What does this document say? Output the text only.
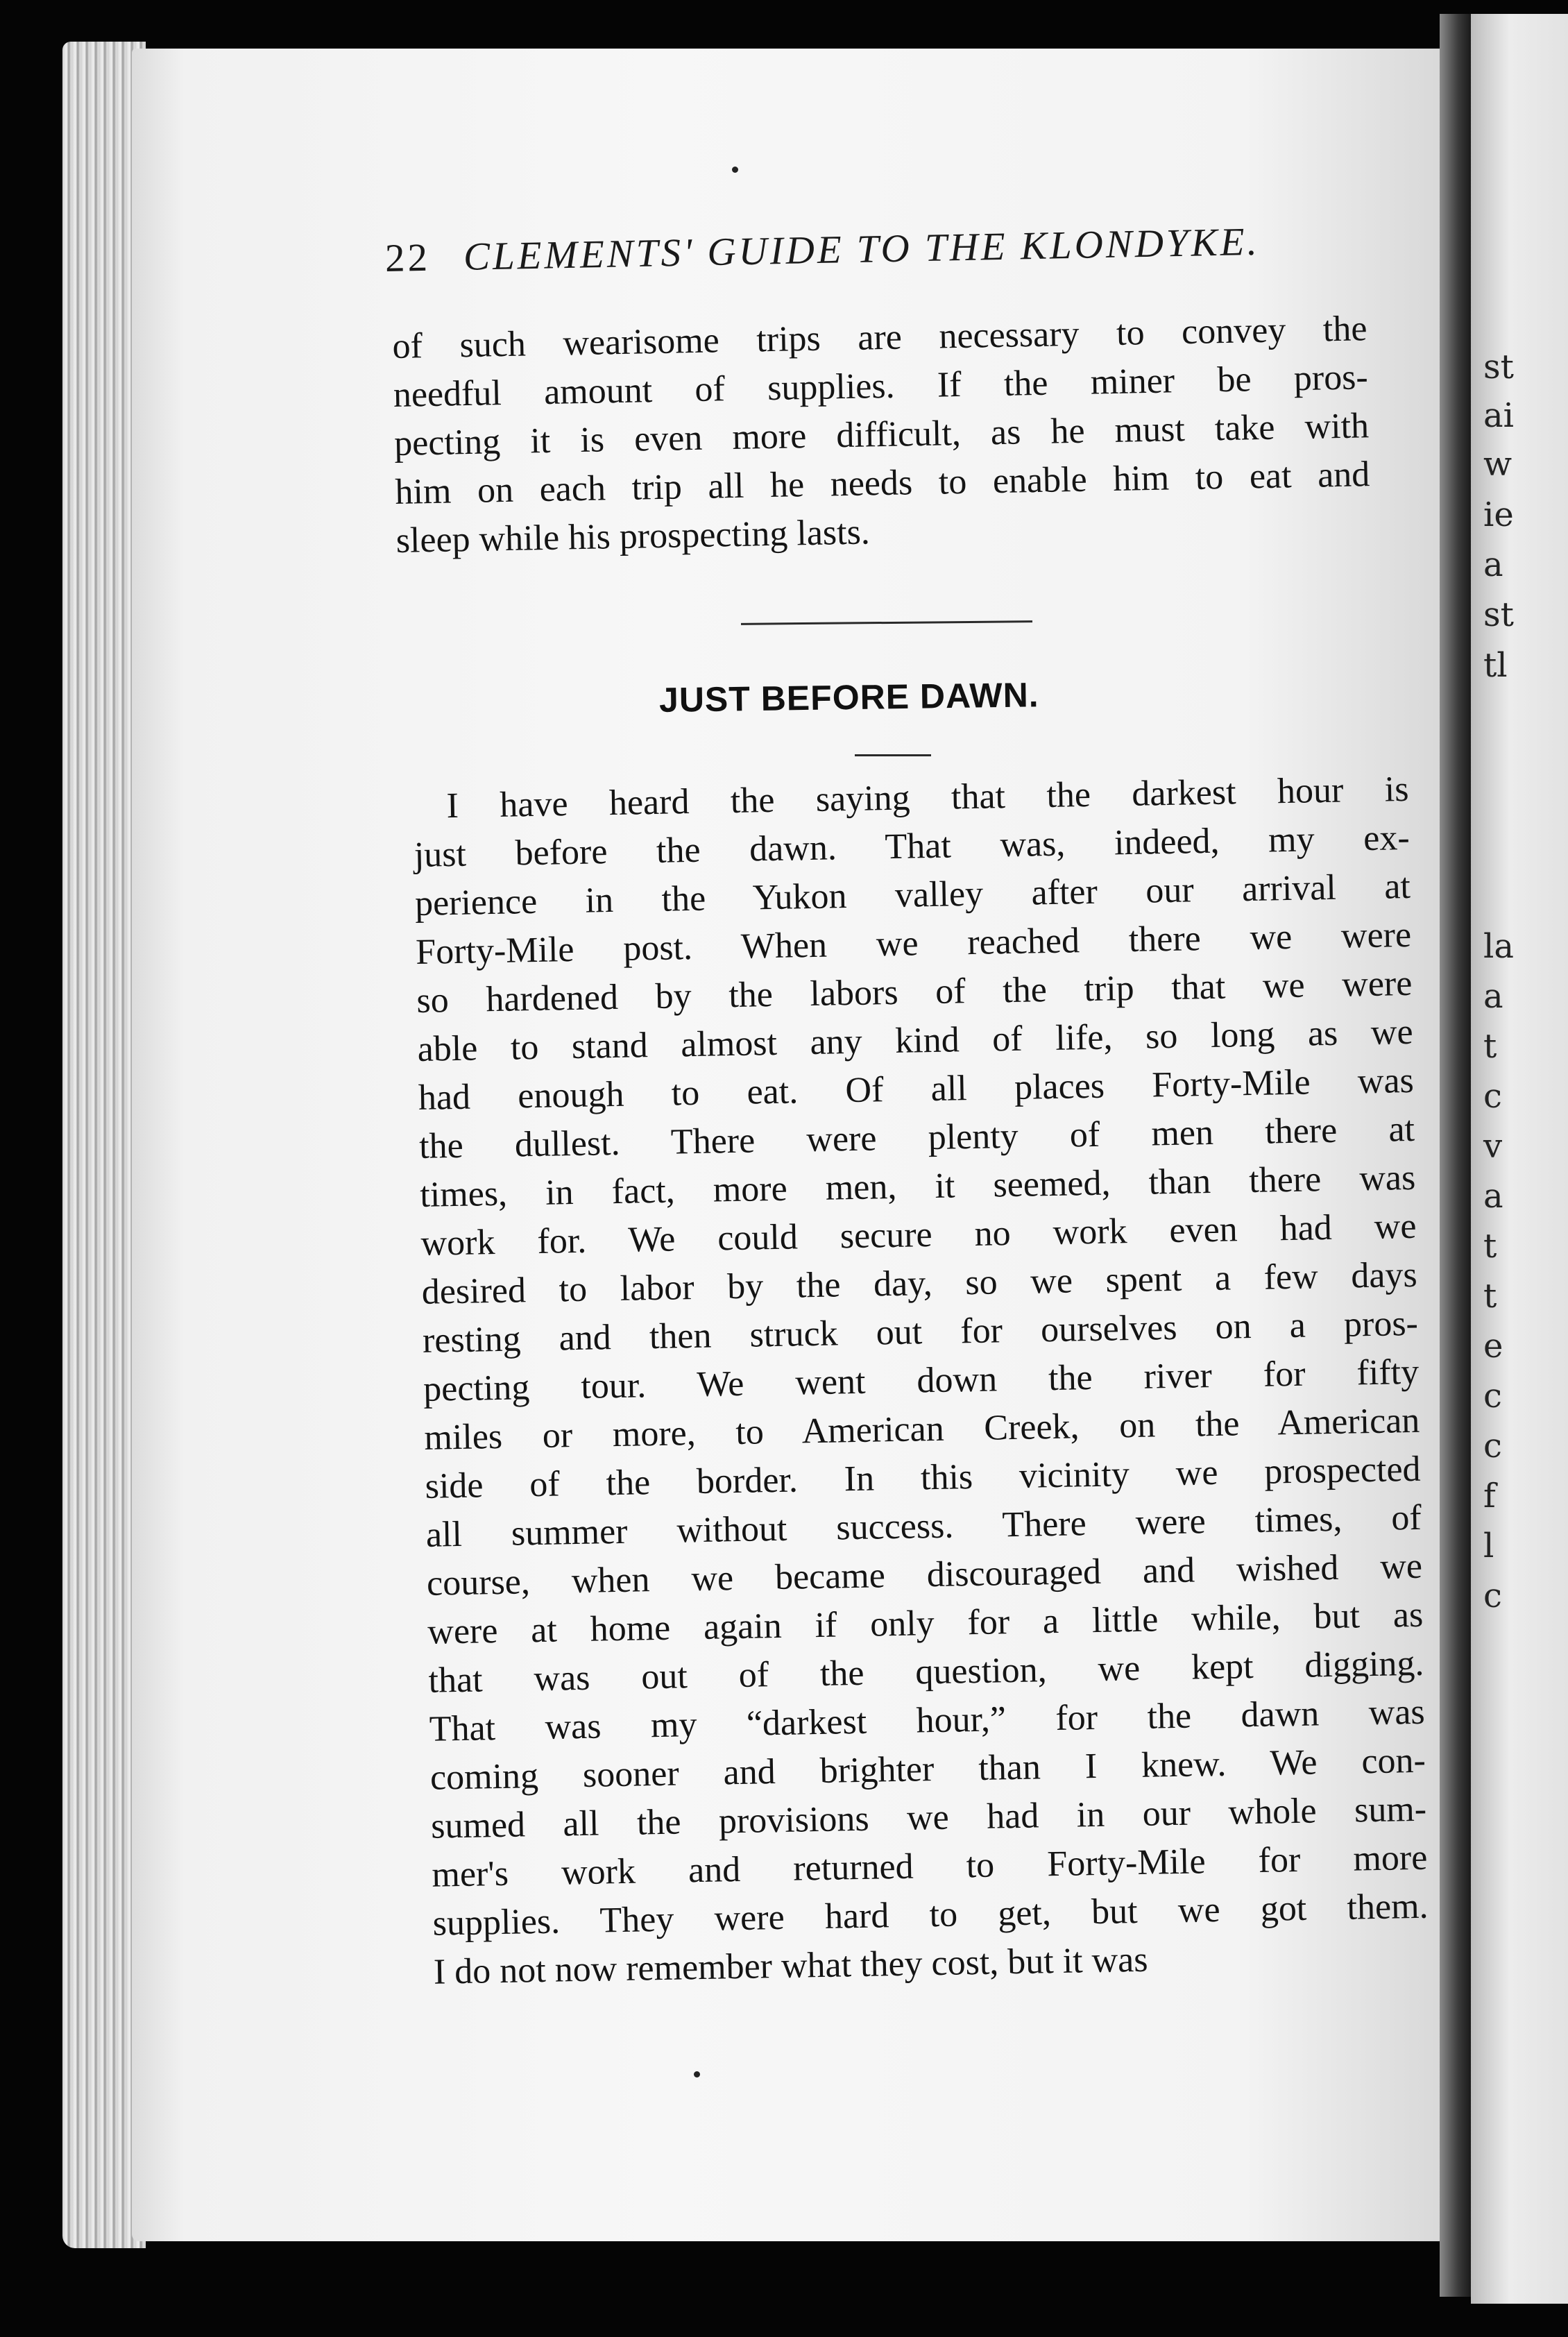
st
ai
w
ie
a
st
tl
la
a
t
c
v
a
t
t
e
c
c
f
l
c
22 CLEMENTS' GUIDE TO THE KLONDYKE.
of such wearisome trips are necessary to convey the
needful amount of supplies. If the miner be pros-
pecting it is even more difficult, as he must take with
him on each trip all he needs to enable him to eat and
sleep while his prospecting lasts.
JUST BEFORE DAWN.
I have heard the saying that the darkest hour is
just before the dawn. That was, indeed, my ex-
perience in the Yukon valley after our arrival at
Forty-Mile post. When we reached there we were
so hardened by the labors of the trip that we were
able to stand almost any kind of life, so long as we
had enough to eat. Of all places Forty-Mile was
the dullest. There were plenty of men there at
times, in fact, more men, it seemed, than there was
work for. We could secure no work even had we
desired to labor by the day, so we spent a few days
resting and then struck out for ourselves on a pros-
pecting tour. We went down the river for fifty
miles or more, to American Creek, on the American
side of the border. In this vicinity we prospected
all summer without success. There were times, of
course, when we became discouraged and wished we
were at home again if only for a little while, but as
that was out of the question, we kept digging.
That was my “darkest hour,” for the dawn was
coming sooner and brighter than I knew. We con-
sumed all the provisions we had in our whole sum-
mer's work and returned to Forty-Mile for more
supplies. They were hard to get, but we got them.
I do not now remember what they cost, but it was
